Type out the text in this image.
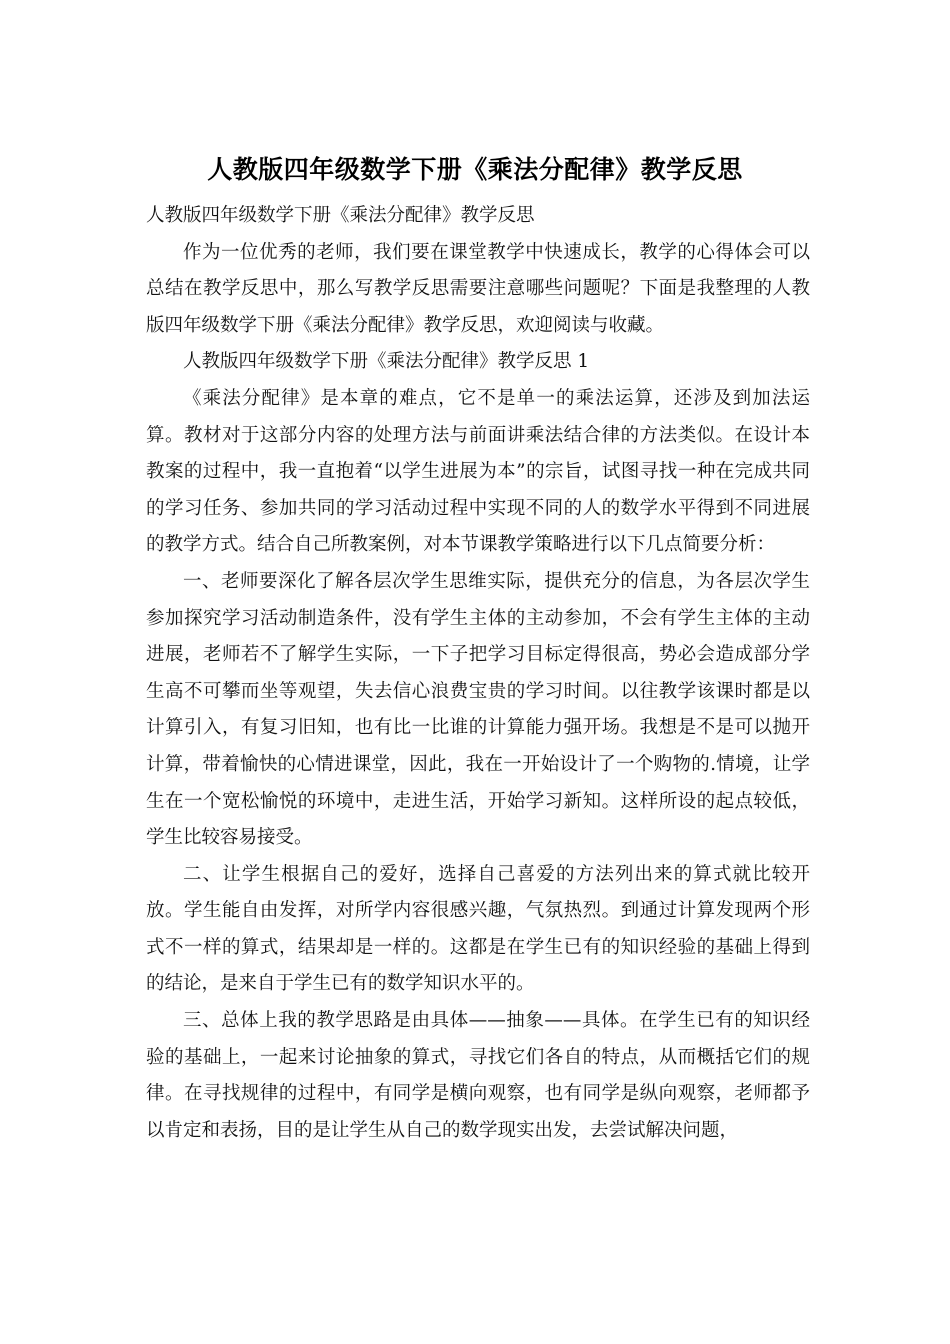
人教版四年级数学下册《乘法分配律》教学反思

人教版四年级数学下册《乘法分配律》教学反思

作为一位优秀的老师，我们要在课堂教学中快速成长，教学的心得体会可以总结在教学反思中，那么写教学反思需要注意哪些问题呢？下面是我整理的人教版四年级数学下册《乘法分配律》教学反思，欢迎阅读与收藏。

人教版四年级数学下册《乘法分配律》教学反思 1

《乘法分配律》是本章的难点，它不是单一的乘法运算，还涉及到加法运算。教材对于这部分内容的处理方法与前面讲乘法结合律的方法类似。在设计本教案的过程中，我一直抱着“以学生进展为本”的宗旨，试图寻找一种在完成共同的学习任务、参加共同的学习活动过程中实现不同的人的数学水平得到不同进展的教学方式。结合自己所教案例，对本节课教学策略进行以下几点简要分析：

一、老师要深化了解各层次学生思维实际，提供充分的信息，为各层次学生参加探究学习活动制造条件，没有学生主体的主动参加，不会有学生主体的主动进展，老师若不了解学生实际，一下子把学习目标定得很高，势必会造成部分学生高不可攀而坐等观望，失去信心浪费宝贵的学习时间。以往教学该课时都是以计算引入，有复习旧知，也有比一比谁的计算能力强开场。我想是不是可以抛开计算，带着愉快的心情进课堂，因此，我在一开始设计了一个购物的.情境，让学生在一个宽松愉悦的环境中，走进生活，开始学习新知。这样所设的起点较低，学生比较容易接受。

二、让学生根据自己的爱好，选择自己喜爱的方法列出来的算式就比较开放。学生能自由发挥，对所学内容很感兴趣，气氛热烈。到通过计算发现两个形式不一样的算式，结果却是一样的。这都是在学生已有的知识经验的基础上得到的结论，是来自于学生已有的数学知识水平的。

三、总体上我的教学思路是由具体——抽象——具体。在学生已有的知识经验的基础上，一起来讨论抽象的算式，寻找它们各自的特点，从而概括它们的规律。在寻找规律的过程中，有同学是横向观察，也有同学是纵向观察，老师都予以肯定和表扬，目的是让学生从自己的数学现实出发，去尝试解决问题，
